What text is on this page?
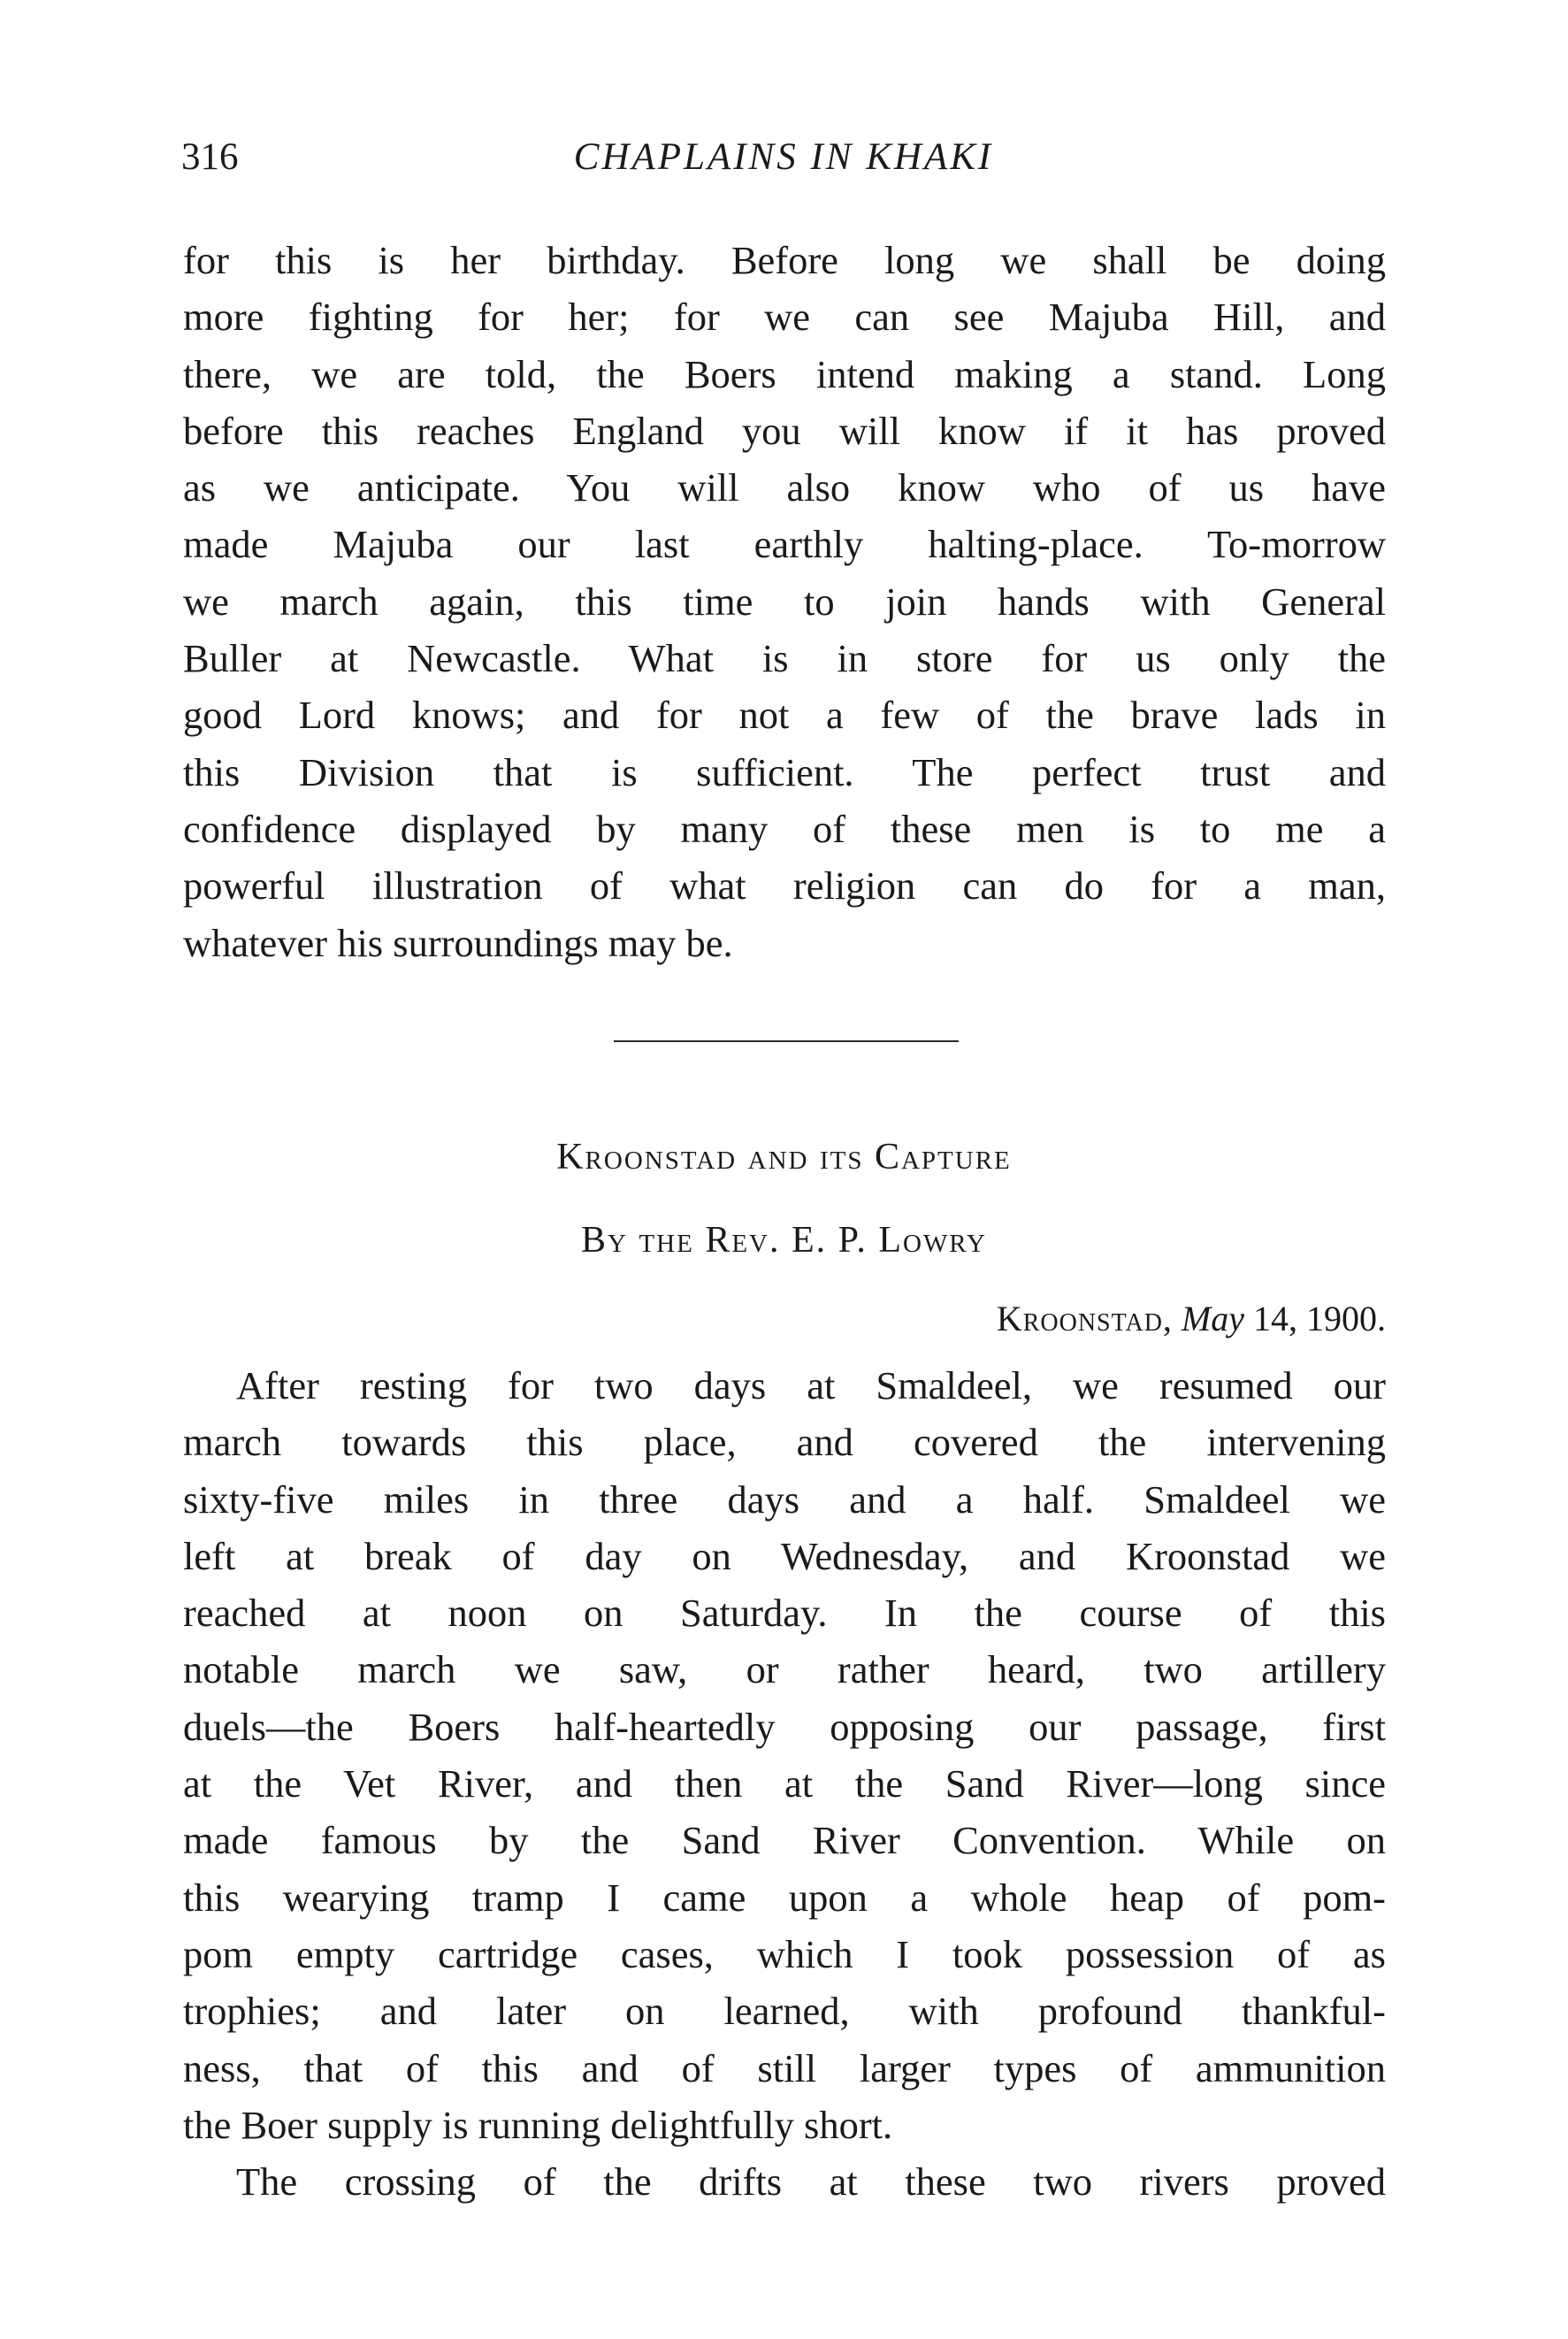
316	CHAPLAINS IN KHAKI
for this is her birthday. Before long we shall be doing
more fighting for her; for we can see Majuba Hill, and
there, we are told, the Boers intend making a stand. Long
before this reaches England you will know if it has proved
as we anticipate. You will also know who of us have
made Majuba our last earthly halting-place. To-morrow
we march again, this time to join hands with General
Buller at Newcastle. What is in store for us only the
good Lord knows; and for not a few of the brave lads in
this Division that is sufficient. The perfect trust and
confidence displayed by many of these men is to me a
powerful illustration of what religion can do for a man,
whatever his surroundings may be.
Kroonstad and its Capture
By the Rev. E. P. Lowry
Kroonstad, May 14, 1900.
After resting for two days at Smaldeel, we resumed our
march towards this place, and covered the intervening
sixty-five miles in three days and a half. Smaldeel we
left at break of day on Wednesday, and Kroonstad we
reached at noon on Saturday. In the course of this
notable march we saw, or rather heard, two artillery
duels—the Boers half-heartedly opposing our passage, first
at the Vet River, and then at the Sand River—long since
made famous by the Sand River Convention. While on
this wearying tramp I came upon a whole heap of pom-
pom empty cartridge cases, which I took possession of as
trophies; and later on learned, with profound thankful-
ness, that of this and of still larger types of ammunition
the Boer supply is running delightfully short.
The crossing of the drifts at these two rivers proved
